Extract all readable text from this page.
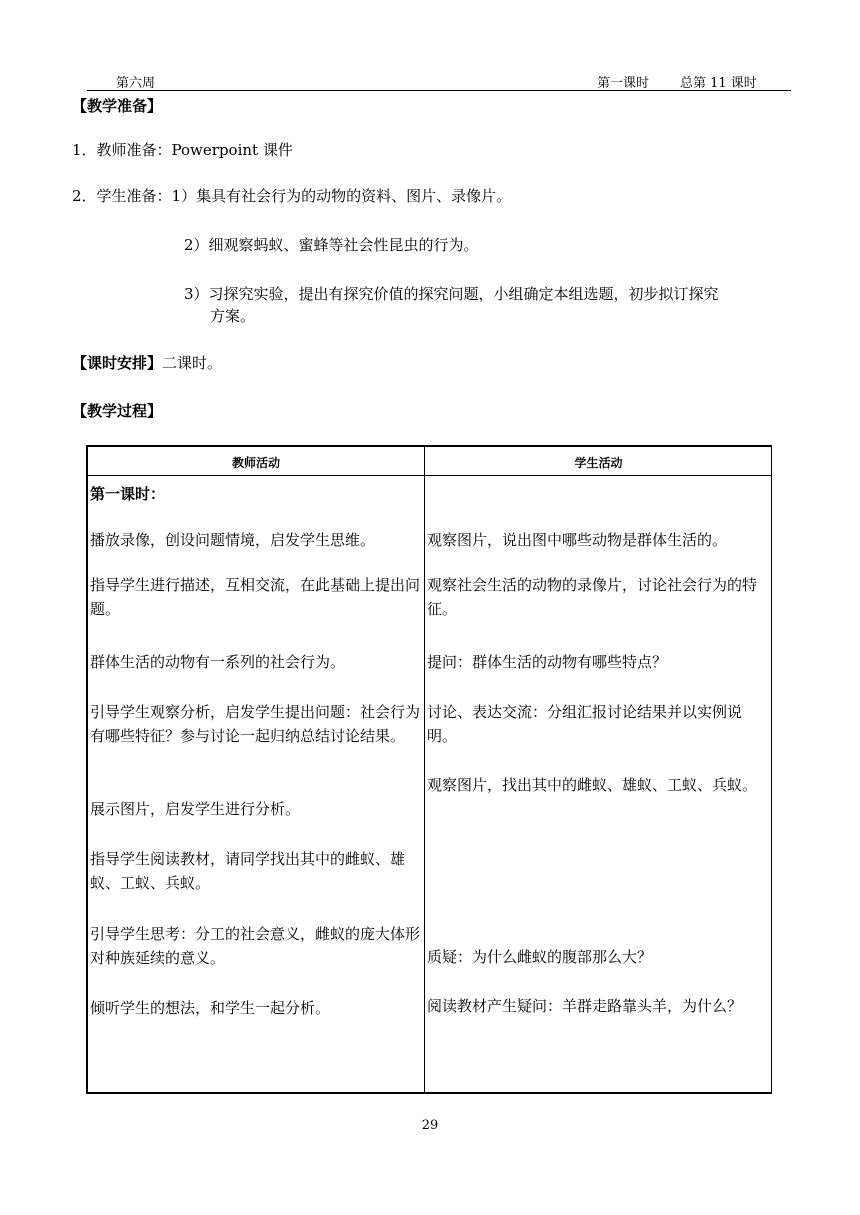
第六周	第一课时 总第 11 课时
【教学准备】
1．教师准备：Powerpoint 课件
2．学生准备：1）集具有社会行为的动物的资料、图片、录像片。
2）细观察蚂蚁、蜜蜂等社会性昆虫的行为。
3）习探究实验，提出有探究价值的探究问题，小组确定本组选题，初步拟订探究
方案。
【课时安排】二课时。
【教学过程】
教师活动	学生活动
第一课时：
播放录像，创设问题情境，启发学生思维。
指导学生进行描述，互相交流，在此基础上提出问题。
群体生活的动物有一系列的社会行为。
引导学生观察分析，启发学生提出问题：社会行为有哪些特征？参与讨论一起归纳总结讨论结果。
展示图片，启发学生进行分析。
指导学生阅读教材，请同学找出其中的雌蚁、雄蚁、工蚁、兵蚁。
引导学生思考：分工的社会意义，雌蚁的庞大体形对种族延续的意义。
倾听学生的想法，和学生一起分析。
观察图片，说出图中哪些动物是群体生活的。
观察社会生活的动物的录像片，讨论社会行为的特征。
提问：群体生活的动物有哪些特点？
讨论、表达交流：分组汇报讨论结果并以实例说明。
观察图片，找出其中的雌蚁、雄蚁、工蚁、兵蚁。
质疑：为什么雌蚁的腹部那么大？
阅读教材产生疑问：羊群走路靠头羊，为什么？
29
